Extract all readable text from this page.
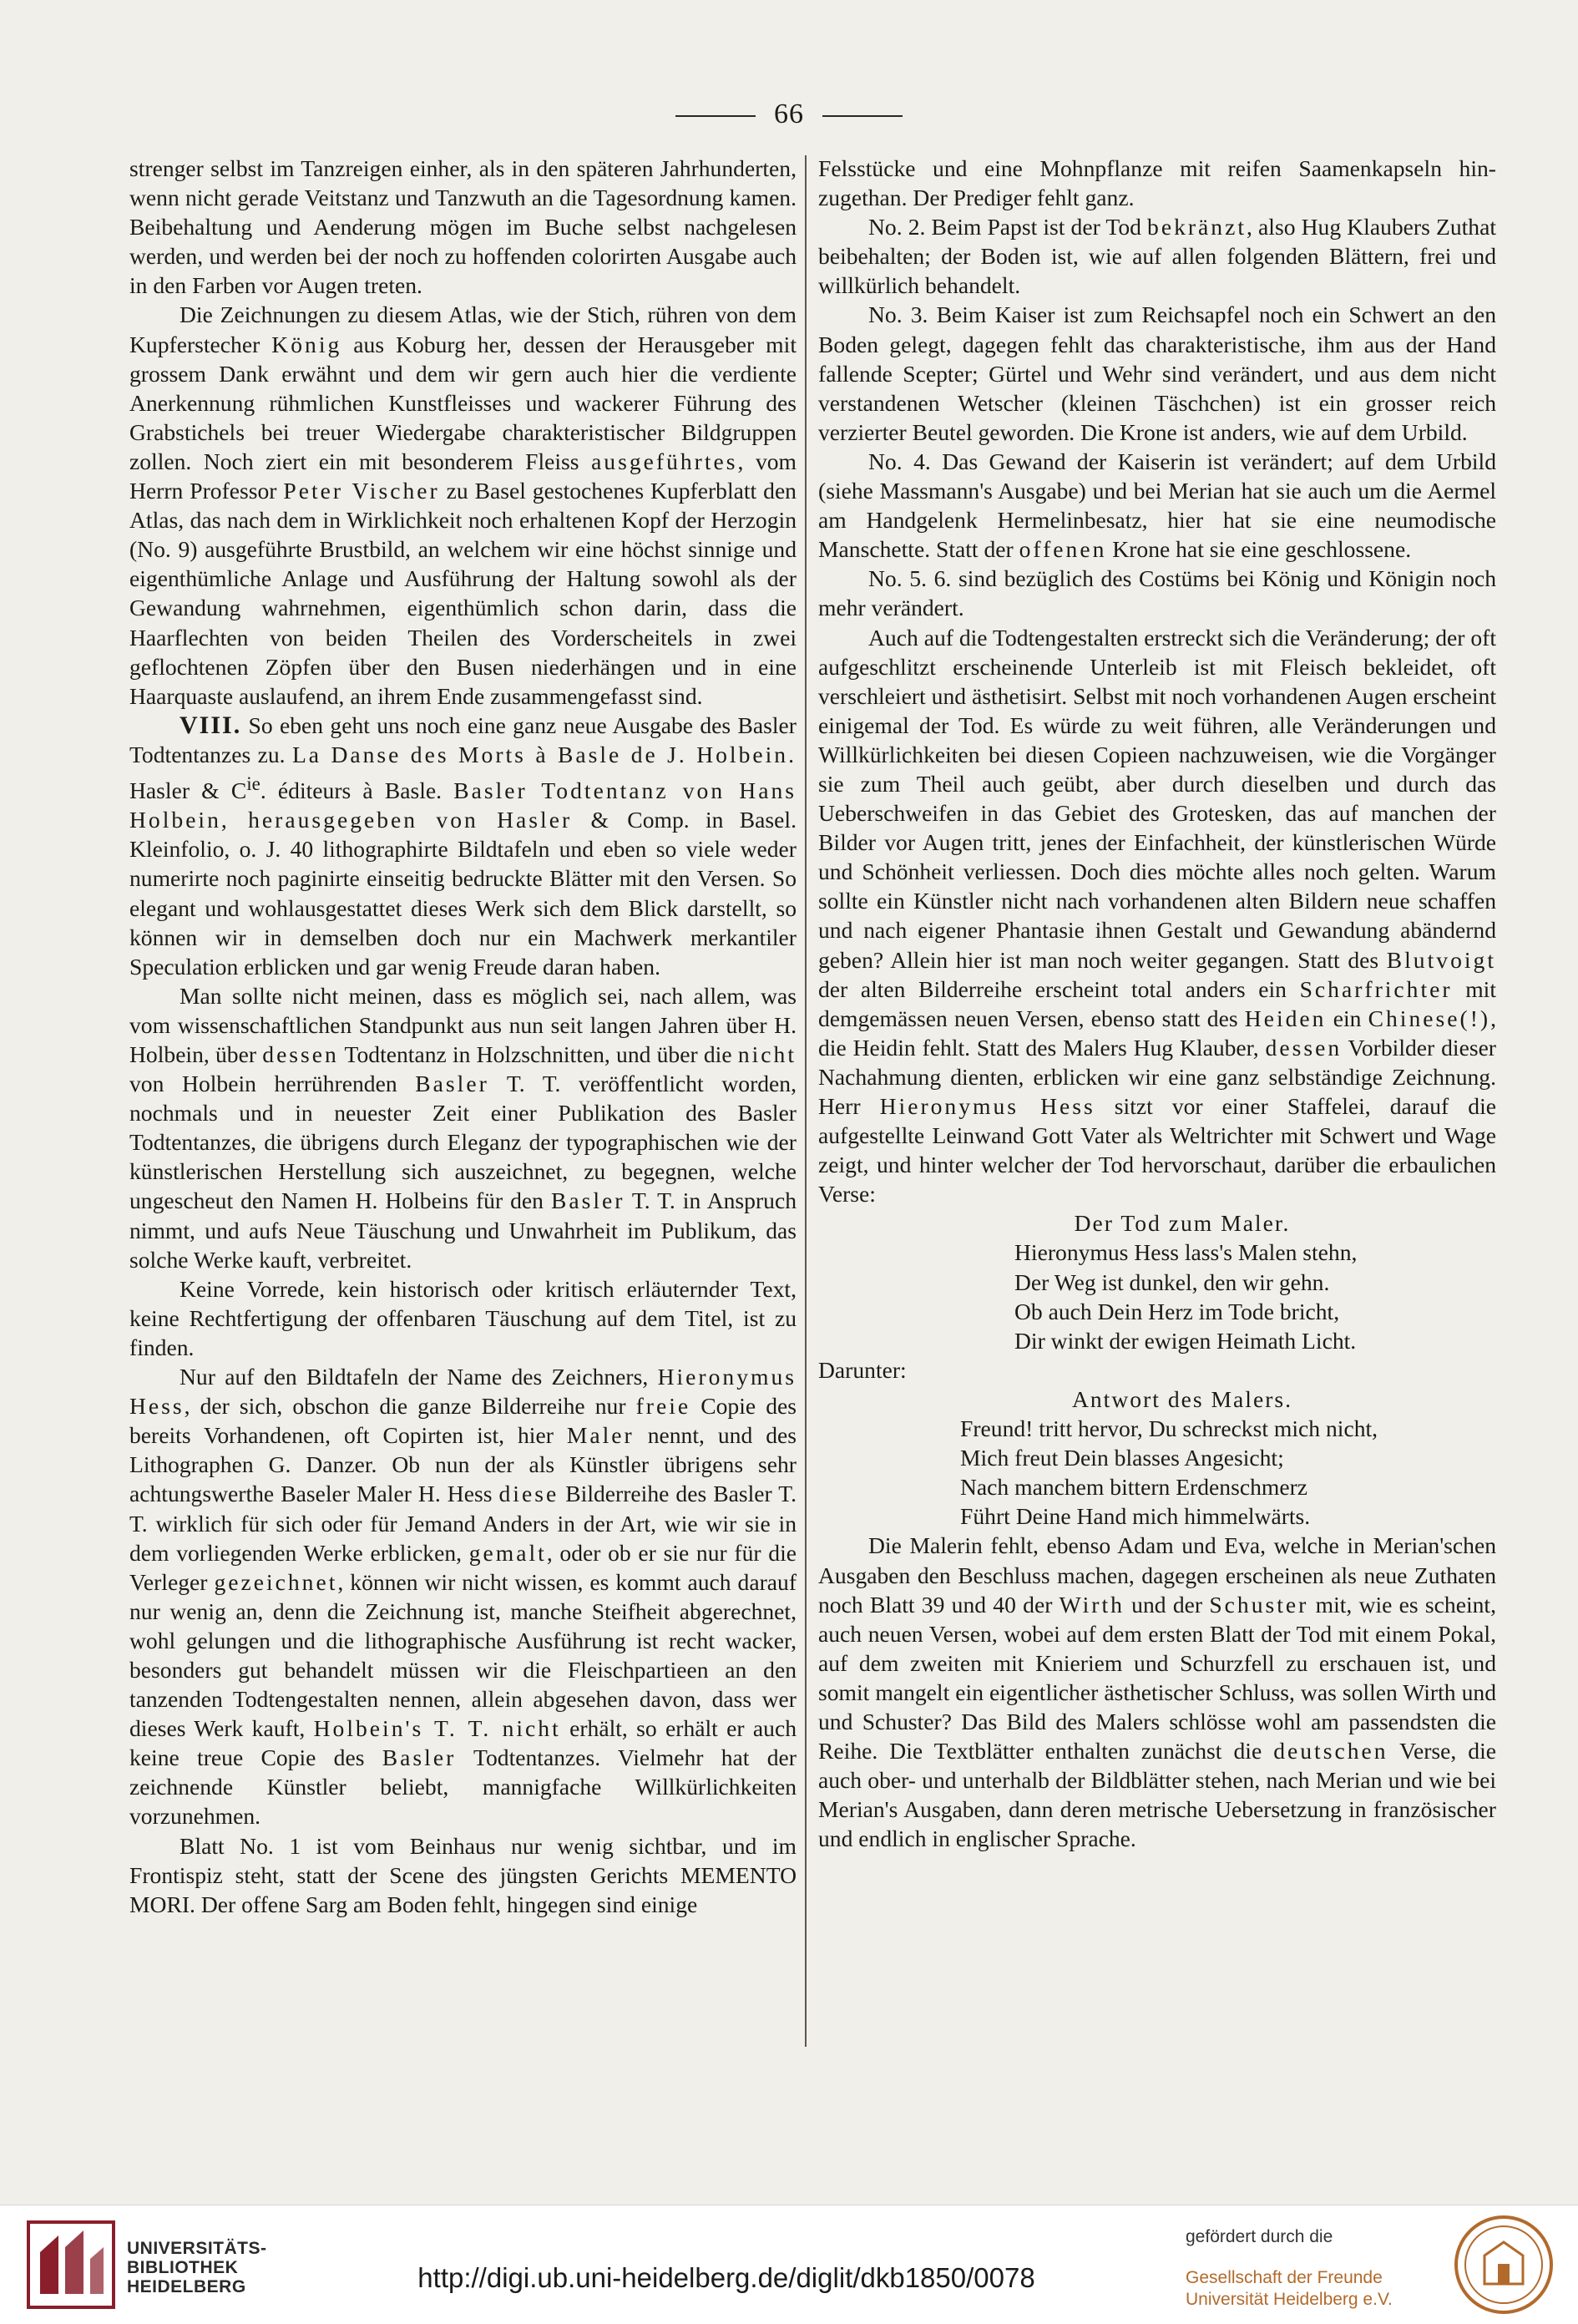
66

strenger selbst im Tanzreigen einher, als in den späteren Jahrhunderten, wenn nicht gerade Veitstanz und Tanzwuth an die Tagesordnung kamen. Beibehaltung und Aenderung mögen im Buche selbst nachgelesen werden, und werden bei der noch zu hoffenden colorirten Ausgabe auch in den Farben vor Augen treten.

Die Zeichnungen zu diesem Atlas, wie der Stich, rühren von dem Kupferstecher König aus Koburg her, dessen der Herausgeber mit grossem Dank erwähnt und dem wir gern auch hier die verdiente Anerkennung rühmlichen Kunstfleisses und wackerer Führung des Grabstichels bei treuer Wiedergabe charakteristischer Bildgruppen zollen. Noch ziert ein mit besonderem Fleiss ausgeführtes, vom Herrn Professor Peter Vischer zu Basel gestochenes Kupferblatt den Atlas, das nach dem in Wirklichkeit noch erhaltenen Kopf der Herzogin (No. 9) ausgeführte Brustbild, an welchem wir eine höchst sinnige und eigenthümliche Anlage und Ausführung der Haltung sowohl als der Gewandung wahrnehmen, eigenthümlich schon darin, dass die Haarflechten von beiden Theilen des Vorderscheitels in zwei geflochtenen Zöpfen über den Busen niederhängen und in eine Haarquaste auslaufend, an ihrem Ende zusammengefasst sind.

VIII. So eben geht uns noch eine ganz neue Ausgabe des Basler Todtentanzes zu. La Danse des Morts à Basle de J. Holbein. Hasler & $C^{ie}$. éditeurs à Basle. Basler Todtentanz von Hans Holbein, herausgegeben von Hasler & Comp. in Basel. Kleinfolio, o. J. 40 lithographirte Bildtafeln und eben so viele weder numerirte noch paginirte einseitig bedruckte Blätter mit den Versen. So elegant und wohlausgestattet dieses Werk sich dem Blick darstellt, so können wir in demselben doch nur ein Machwerk merkantiler Speculation erblicken und gar wenig Freude daran haben.

Man sollte nicht meinen, dass es möglich sei, nach allem, was vom wissenschaftlichen Standpunkt aus nun seit langen Jahren über H. Holbein, über dessen Todtentanz in Holzschnitten, und über die nicht von Holbein herrührenden Basler T. T. veröffentlicht worden, nochmals und in neuester Zeit einer Publikation des Basler Todtentanzes, die übrigens durch Eleganz der typographischen wie der künstlerischen Herstellung sich auszeichnet, zu begegnen, welche ungescheut den Namen H. Holbeins für den Basler T. T. in Anspruch nimmt, und aufs Neue Täuschung und Unwahrheit im Publikum, das solche Werke kauft, verbreitet.

Keine Vorrede, kein historisch oder kritisch erläuternder Text, keine Rechtfertigung der offenbaren Täuschung auf dem Titel, ist zu finden.

Nur auf den Bildtafeln der Name des Zeichners, Hieronymus Hess, der sich, obschon die ganze Bilderreihe nur freie Copie des bereits Vorhandenen, oft Copirten ist, hier Maler nennt, und des Lithographen G. Danzer. Ob nun der als Künstler übrigens sehr achtungswerthe Baseler Maler H. Hess diese Bilderreihe des Basler T. T. wirklich für sich oder für Jemand Anders in der Art, wie wir sie in dem vorliegenden Werke erblicken, gemalt, oder ob er sie nur für die Verleger gezeichnet, können wir nicht wissen, es kommt auch darauf nur wenig an, denn die Zeichnung ist, manche Steifheit abgerechnet, wohl gelungen und die lithographische Ausführung ist recht wacker, besonders gut behandelt müssen wir die Fleischpartieen an den tanzenden Todtengestalten nennen, allein abgesehen davon, dass wer dieses Werk kauft, Holbein's T. T. nicht erhält, so erhält er auch keine treue Copie des Basler Todtentanzes. Vielmehr hat der zeichnende Künstler beliebt, mannigfache Willkürlichkeiten vorzunehmen.

Blatt No. 1 ist vom Beinhaus nur wenig sichtbar, und im Frontispiz steht, statt der Scene des jüngsten Gerichts MEMENTO MORI. Der offene Sarg am Boden fehlt, hingegen sind einige

Felsstücke und eine Mohnpflanze mit reifen Saamenkapseln hinzugethan. Der Prediger fehlt ganz.

No. 2. Beim Papst ist der Tod bekränzt, also Hug Klaubers Zuthat beibehalten; der Boden ist, wie auf allen folgenden Blättern, frei und willkürlich behandelt.

No. 3. Beim Kaiser ist zum Reichsapfel noch ein Schwert an den Boden gelegt, dagegen fehlt das charakteristische, ihm aus der Hand fallende Scepter; Gürtel und Wehr sind verändert, und aus dem nicht verstandenen Wetscher (kleinen Täschchen) ist ein grosser reich verzierter Beutel geworden. Die Krone ist anders, wie auf dem Urbild.

No. 4. Das Gewand der Kaiserin ist verändert; auf dem Urbild (siehe Massmann's Ausgabe) und bei Merian hat sie auch um die Aermel am Handgelenk Hermelinbesatz, hier hat sie eine neumodische Manschette. Statt der offenen Krone hat sie eine geschlossene.

No. 5. 6. sind bezüglich des Costüms bei König und Königin noch mehr verändert.

Auch auf die Todtengestalten erstreckt sich die Veränderung; der oft aufgeschlitzt erscheinende Unterleib ist mit Fleisch bekleidet, oft verschleiert und ästhetisirt. Selbst mit noch vorhandenen Augen erscheint einigemal der Tod. Es würde zu weit führen, alle Veränderungen und Willkürlichkeiten bei diesen Copieen nachzuweisen, wie die Vorgänger sie zum Theil auch geübt, aber durch dieselben und durch das Ueberschweifen in das Gebiet des Grotesken, das auf manchen der Bilder vor Augen tritt, jenes der Einfachheit, der künstlerischen Würde und Schönheit verliessen. Doch dies möchte alles noch gelten. Warum sollte ein Künstler nicht nach vorhandenen alten Bildern neue schaffen und nach eigener Phantasie ihnen Gestalt und Gewandung abändernd geben? Allein hier ist man noch weiter gegangen. Statt des Blutvoigt der alten Bilderreihe erscheint total anders ein Scharfrichter mit demgemässen neuen Versen, ebenso statt des Heiden ein Chinese(!), die Heidin fehlt. Statt des Malers Hug Klauber, dessen Vorbilder dieser Nachahmung dienten, erblicken wir eine ganz selbständige Zeichnung. Herr Hieronymus Hess sitzt vor einer Staffelei, darauf die aufgestellte Leinwand Gott Vater als Weltrichter mit Schwert und Wage zeigt, und hinter welcher der Tod hervorschaut, darüber die erbaulichen Verse:

Der Tod zum Maler.

Hieronymus Hess lass's Malen stehn,

Der Weg ist dunkel, den wir gehn.

Ob auch Dein Herz im Tode bricht,

Dir winkt der ewigen Heimath Licht.

Darunter:

Antwort des Malers.

Freund! tritt hervor, Du schreckst mich nicht,

Mich freut Dein blasses Angesicht;

Nach manchem bittern Erdenschmerz

Führt Deine Hand mich himmelwärts.

Die Malerin fehlt, ebenso Adam und Eva, welche in Merian'schen Ausgaben den Beschluss machen, dagegen erscheinen als neue Zuthaten noch Blatt 39 und 40 der Wirth und der Schuster mit, wie es scheint, auch neuen Versen, wobei auf dem ersten Blatt der Tod mit einem Pokal, auf dem zweiten mit Knieriem und Schurzfell zu erschauen ist, und somit mangelt ein eigentlicher ästhetischer Schluss, was sollen Wirth und und Schuster? Das Bild des Malers schlösse wohl am passendsten die Reihe. Die Textblätter enthalten zunächst die deutschen Verse, die auch ober- und unterhalb der Bildblätter stehen, nach Merian und wie bei Merian's Ausgaben, dann deren metrische Uebersetzung in französischer und endlich in englischer Sprache.

UNIVERSITÄTS-
BIBLIOTHEK
HEIDELBERG	http://digi.ub.uni-heidelberg.de/diglit/dkb1850/0078
gefördert durch die
Gesellschaft der Freunde
Universität Heidelberg e.V.
